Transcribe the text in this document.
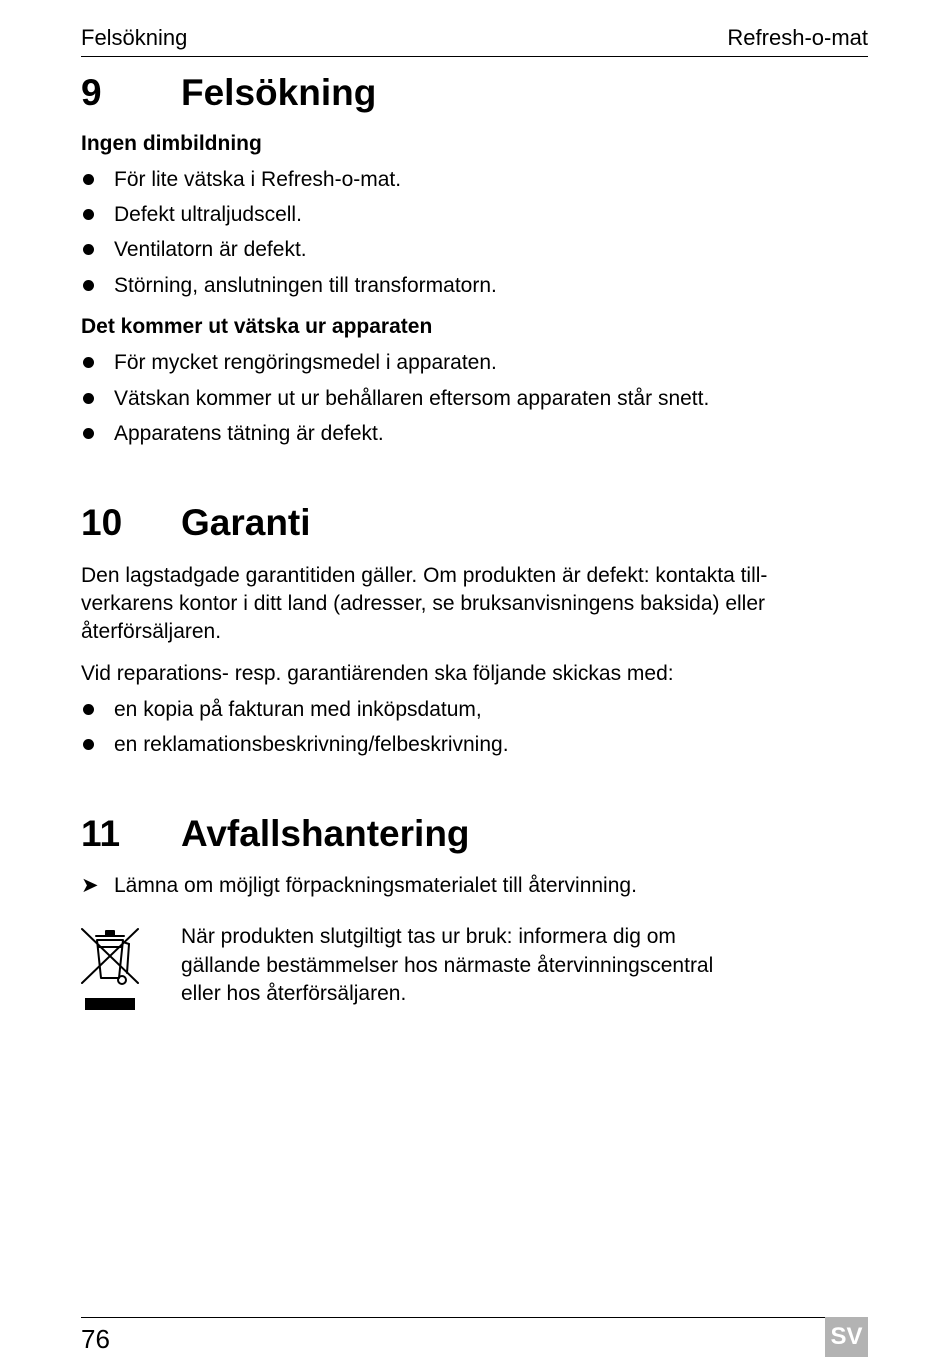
Felsökning	Refresh-o-mat
9 Felsökning
Ingen dimbildning
För lite vätska i Refresh-o-mat.
Defekt ultraljudscell.
Ventilatorn är defekt.
Störning, anslutningen till transformatorn.
Det kommer ut vätska ur apparaten
För mycket rengöringsmedel i apparaten.
Vätskan kommer ut ur behållaren eftersom apparaten står snett.
Apparatens tätning är defekt.
10 Garanti
Den lagstadgade garantitiden gäller. Om produkten är defekt: kontakta till-
verkarens kontor i ditt land (adresser, se bruksanvisningens baksida) eller
återförsäljaren.
Vid reparations- resp. garantiärenden ska följande skickas med:
en kopia på fakturan med inköpsdatum,
en reklamationsbeskrivning/felbeskrivning.
11 Avfallshantering
➤ Lämna om möjligt förpackningsmaterialet till återvinning.
När produkten slutgiltigt tas ur bruk: informera dig om
gällande bestämmelser hos närmaste återvinningscentral
eller hos återförsäljaren.
76	SV
